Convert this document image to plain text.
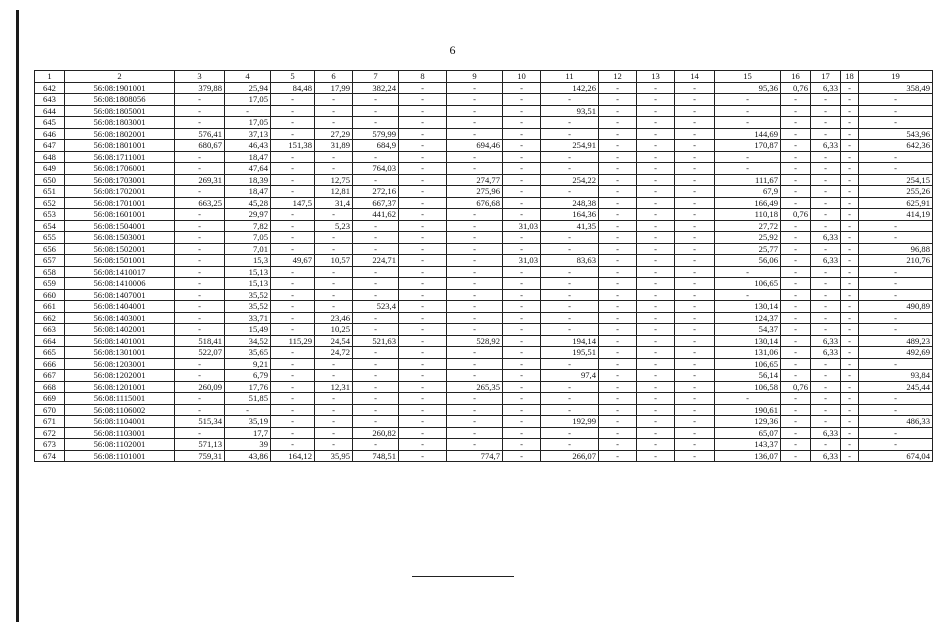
6
1	2	3	4	5	6	7	8	9	10	11	12	13	14	15	16	17	18	19
642	56:08:1901001	379,88	25,94	84,48	17,99	382,24	-	-	-	142,26	-	-	-	95,36	0,76	6,33	-	358,49
643	56:08:1808056	-	17,05	-	-	-	-	-	-	-	-	-	-	-	-	-	-	-
644	56:08:1805001	-	-	-	-	-	-	-	-	93,51	-	-	-	-	-	-	-	-
645	56:08:1803001	-	17,05	-	-	-	-	-	-	-	-	-	-	-	-	-	-	-
646	56:08:1802001	576,41	37,13	-	27,29	579,99	-	-	-	-	-	-	-	144,69	-	-	-	543,96
647	56:08:1801001	680,67	46,43	151,38	31,89	684,9	-	694,46	-	254,91	-	-	-	170,87	-	6,33	-	642,36
648	56:08:1711001	-	18,47	-	-	-	-	-	-	-	-	-	-	-	-	-	-	-
649	56:08:1706001	-	47,64	-	-	764,03	-	-	-	-	-	-	-	-	-	-	-	-
650	56:08:1703001	269,31	18,39	-	12,75	-	-	274,77	-	254,22	-	-	-	111,67	-	-	-	254,15
651	56:08:1702001	-	18,47	-	12,81	272,16	-	275,96	-	-	-	-	-	67,9	-	-	-	255,26
652	56:08:1701001	663,25	45,28	147,5	31,4	667,37	-	676,68	-	248,38	-	-	-	166,49	-	-	-	625,91
653	56:08:1601001	-	29,97	-	-	441,62	-	-	-	164,36	-	-	-	110,18	0,76	-	-	414,19
654	56:08:1504001	-	7,82	-	5,23	-	-	-	31,03	41,35	-	-	-	27,72	-	-	-	-
655	56:08:1503001	-	7,05	-	-	-	-	-	-	-	-	-	-	25,92	-	6,33	-	-
656	56:08:1502001	-	7,01	-	-	-	-	-	-	-	-	-	-	25,77	-	-	-	96,88
657	56:08:1501001	-	15,3	49,67	10,57	224,71	-	-	31,03	83,63	-	-	-	56,06	-	6,33	-	210,76
658	56:08:1410017	-	15,13	-	-	-	-	-	-	-	-	-	-	-	-	-	-	-
659	56:08:1410006	-	15,13	-	-	-	-	-	-	-	-	-	-	106,65	-	-	-	-
660	56:08:1407001	-	35,52	-	-	-	-	-	-	-	-	-	-	-	-	-	-	-
661	56:08:1404001	-	35,52	-	-	523,4	-	-	-	-	-	-	-	130,14	-	-	-	490,89
662	56:08:1403001	-	33,71	-	23,46	-	-	-	-	-	-	-	-	124,37	-	-	-	-
663	56:08:1402001	-	15,49	-	10,25	-	-	-	-	-	-	-	-	54,37	-	-	-	-
664	56:08:1401001	518,41	34,52	115,29	24,54	521,63	-	528,92	-	194,14	-	-	-	130,14	-	6,33	-	489,23
665	56:08:1301001	522,07	35,65	-	24,72	-	-	-	-	195,51	-	-	-	131,06	-	6,33	-	492,69
666	56:08:1203001	-	9,21	-	-	-	-	-	-	-	-	-	-	106,65	-	-	-	-
667	56:08:1202001	-	6,79	-	-	-	-	-	-	97,4	-	-	-	56,14	-	-	-	93,84
668	56:08:1201001	260,09	17,76	-	12,31	-	-	265,35	-	-	-	-	-	106,58	0,76	-	-	245,44
669	56:08:1115001	-	51,85	-	-	-	-	-	-	-	-	-	-	-	-	-	-	-
670	56:08:1106002	-	-	-	-	-	-	-	-	-	-	-	-	190,61	-	-	-	-
671	56:08:1104001	515,34	35,19	-	-	-	-	-	-	192,99	-	-	-	129,36	-	-	-	486,33
672	56:08:1103001	-	17,7	-	-	260,82	-	-	-	-	-	-	-	65,07	-	6,33	-	-
673	56:08:1102001	571,13	39	-	-	-	-	-	-	-	-	-	-	143,37	-	-	-	-
674	56:08:1101001	759,31	43,86	164,12	35,95	748,51	-	774,7	-	266,07	-	-	-	136,07	-	6,33	-	674,04
